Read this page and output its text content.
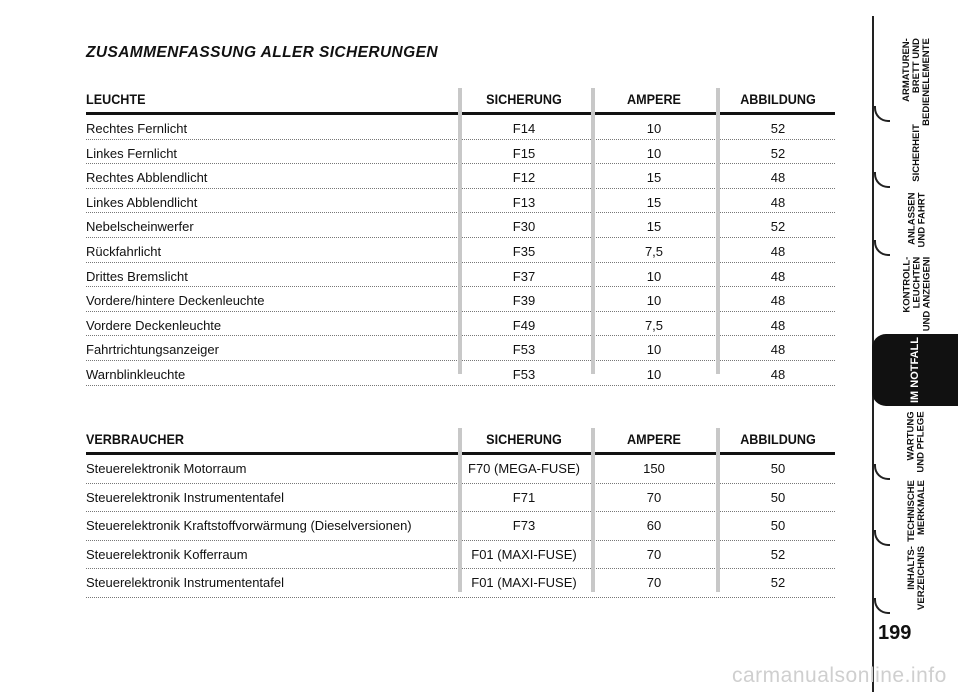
ZUSAMMENFASSUNG ALLER SICHERUNGEN
LEUCHTE	SICHERUNG	AMPERE	ABBILDUNG
Rechtes Fernlicht	F14	10	52
Linkes Fernlicht	F15	10	52
Rechtes Abblendlicht	F12	15	48
Linkes Abblendlicht	F13	15	48
Nebelscheinwerfer	F30	15	52
Rückfahrlicht	F35	7,5	48
Drittes Bremslicht	F37	10	48
Vordere/hintere Deckenleuchte	F39	10	48
Vordere Deckenleuchte	F49	7,5	48
Fahrtrichtungsanzeiger	F53	10	48
Warnblinkleuchte	F53	10	48
VERBRAUCHER	SICHERUNG	AMPERE	ABBILDUNG
Steuerelektronik Motorraum	F70 (MEGA-FUSE)	150	50
Steuerelektronik Instrumententafel	F71	70	50
Steuerelektronik Kraftstoffvorwärmung (Dieselversionen)	F73	60	50
Steuerelektronik Kofferraum	F01 (MAXI-FUSE)	70	52
Steuerelektronik Instrumententafel	F01 (MAXI-FUSE)	70	52
ARMATUREN-
BRETT UND
BEDIENELEMENTE
SICHERHEIT
ANLASSEN
UND FAHRT
KONTROLL-
LEUCHTEN
UND ANZEIGENI
IM NOTFALL
WARTUNG
UND PFLEGE
TECHNISCHE
MERKMALE
INHALTS-
VERZEICHNIS
199
carmanualsonline.info
